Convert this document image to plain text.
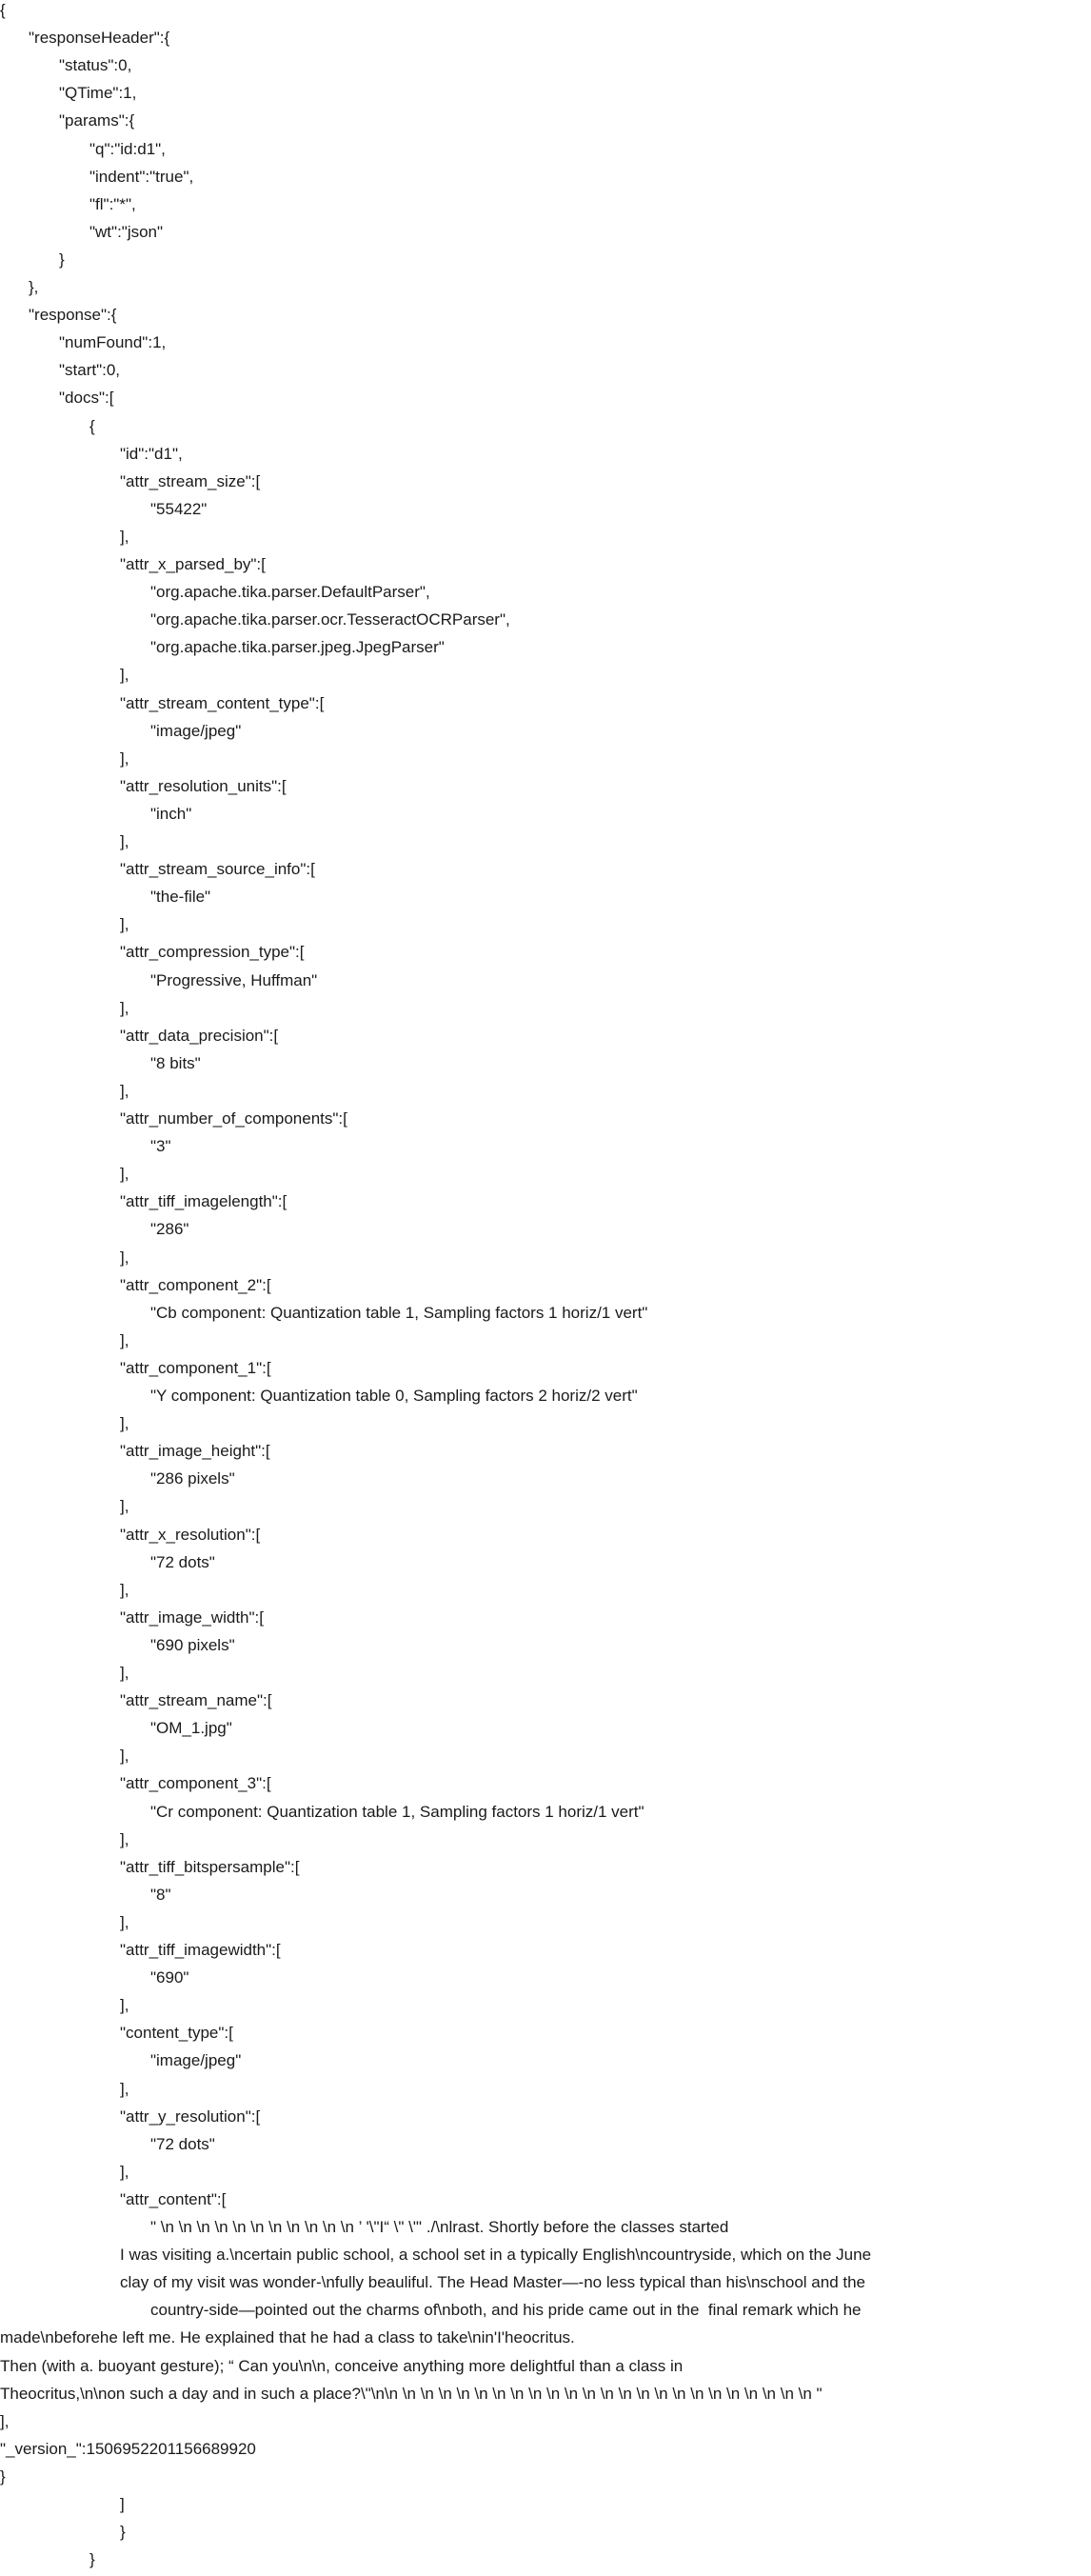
{
"responseHeader":{
"status":0,
"QTime":1,
"params":{
"q":"id:d1",
"indent":"true",
"fl":"*",
"wt":"json"
}
},
"response":{
"numFound":1,
"start":0,
"docs":[
{
"id":"d1",
"attr_stream_size":[
"55422"
],
"attr_x_parsed_by":[
"org.apache.tika.parser.DefaultParser",
"org.apache.tika.parser.ocr.TesseractOCRParser",
"org.apache.tika.parser.jpeg.JpegParser"
],
"attr_stream_content_type":[
"image/jpeg"
],
"attr_resolution_units":[
"inch"
],
"attr_stream_source_info":[
"the-file"
],
"attr_compression_type":[
"Progressive, Huffman"
],
"attr_data_precision":[
"8 bits"
],
"attr_number_of_components":[
"3"
],
"attr_tiff_imagelength":[
"286"
],
"attr_component_2":[
"Cb component: Quantization table 1, Sampling factors 1 horiz/1 vert"
],
"attr_component_1":[
"Y component: Quantization table 0, Sampling factors 2 horiz/2 vert"
],
"attr_image_height":[
"286 pixels"
],
"attr_x_resolution":[
"72 dots"
],
"attr_image_width":[
"690 pixels"
],
"attr_stream_name":[
"OM_1.jpg"
],
"attr_component_3":[
"Cr component: Quantization table 1, Sampling factors 1 horiz/1 vert"
],
"attr_tiff_bitspersample":[
"8"
],
"attr_tiff_imagewidth":[
"690"
],
"content_type":[
"image/jpeg"
],
"attr_y_resolution":[
"72 dots"
],
"attr_content":[
" \n \n \n \n \n \n \n \n \n \n \n ’ '\"I“ \" \"' ./\nlrast. Shortly before the classes started
I was visiting a.\ncertain public school, a school set in a typically English\ncountryside, which on the June
clay of my visit was wonder-\nfully beauliful. The Head Master—-no less typical than his\nschool and the
country-side—pointed out the charms of\nboth, and his pride came out in the  ﬁnal remark which he
made\nbeforehe left me. He explained that he had a class to take\nin'I'heocritus.
Then (with a. buoyant gesture); “ Can you\n\n, conceive anything more delightful than a class in
Theocritus,\n\non such a day and in such a place?\"\n\n \n \n \n \n \n \n \n \n \n \n \n \n \n \n \n \n \n \n \n \n \n \n \n "
],
"_version_":1506952201156689920
}
]
}
}
